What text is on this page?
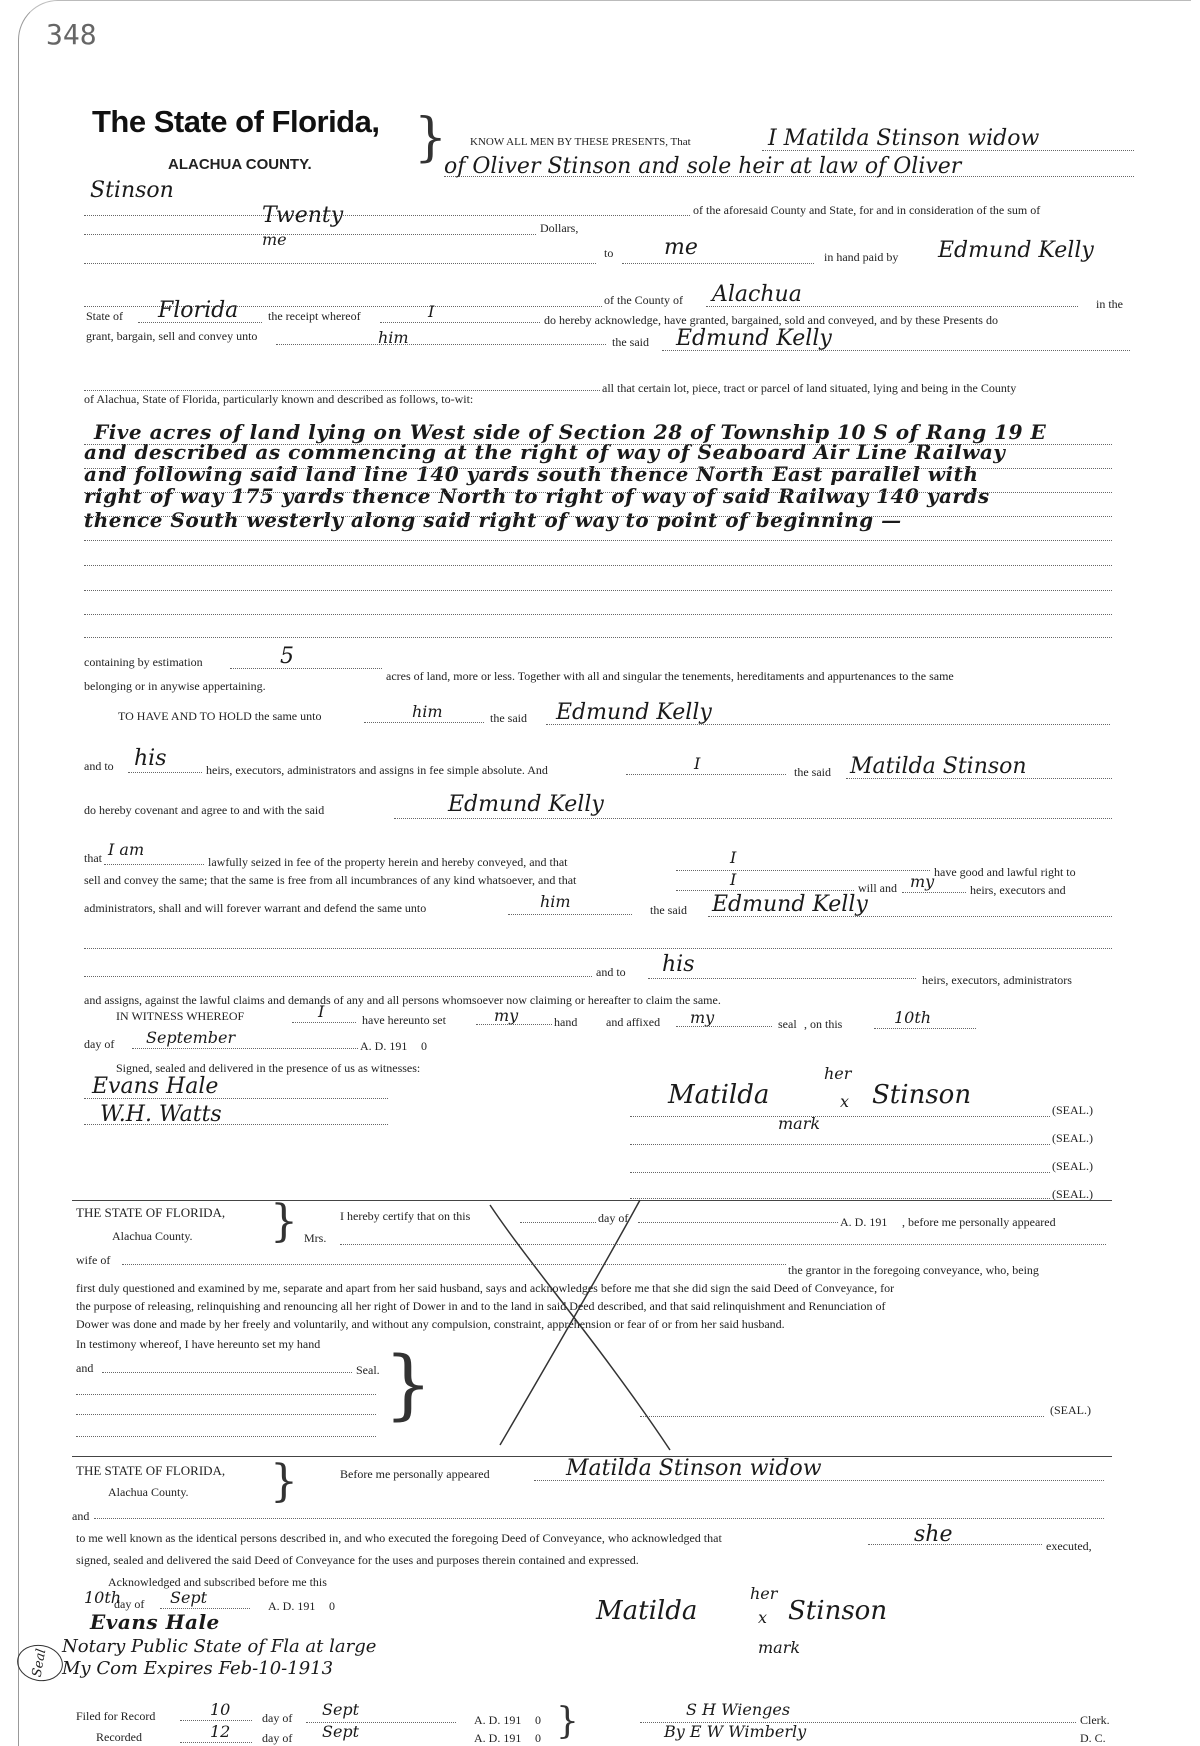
348
The State of Florida,
ALACHUA COUNTY. } KNOW ALL MEN BY THESE PRESENTS, That	I Matilda Stinson widow
of Oliver Stinson and sole heir at law of Oliver
Stinson
of the aforesaid County and State, for and in consideration of the sum of
Twenty	Dollars,
me
to me	in hand paid by Edmund Kelly
of the County of Alachua	in the
State of Florida the receipt whereof	I	do hereby acknowledge, have granted, bargained, sold and conveyed, and by these Presents do
grant, bargain, sell and convey unto	him	the said Edmund Kelly
all that certain lot, piece, tract or parcel of land situated, lying and being in the County
of Alachua, State of Florida, particularly known and described as follows, to-wit:
Five acres of land lying on West side of Section 28 of Township 10 S of Rang 19 E
and described as commencing at the right of way of Seaboard Air Line Railway
and following said land line 140 yards south thence North East parallel with
right of way 175 yards thence North to right of way of said Railway 140 yards
thence South westerly along said right of way to point of beginning —
containing by estimation	5
acres of land, more or less. Together with all and singular the tenements, hereditaments and appurtenances to the same
belonging or in anywise appertaining.
TO HAVE AND TO HOLD the same unto	him	the said Edmund Kelly
and to his	heirs, executors, administrators and assigns in fee simple absolute. And	I	the said Matilda Stinson
do hereby covenant and agree to and with the said	Edmund Kelly
that I am
lawfully seized in fee of the property herein and hereby conveyed, and that	I
have good and lawful right to
sell and convey the same; that the same is free from all incumbrances of any kind whatsoever, and that	I	will and my	heirs, executors and
administrators, shall and will forever warrant and defend the same unto	him	the said Edmund Kelly
and to his
heirs, executors, administrators
and assigns, against the lawful claims and demands of any and all persons whomsoever now claiming or hereafter to claim the same.
IN WITNESS WHEREOF	I	have hereunto set	my	hand and affixed my	seal , on this	10th
day of September	A. D. 191 0
Signed, sealed and delivered in the presence of us as witnesses:
Evans Hale
W.H. Watts
Matilda
her
x Stinson
mark
(SEAL.)
(SEAL.)
(SEAL.)
(SEAL.)
THE STATE OF FLORIDA,
Alachua County. }	I hereby certify that on this	day of	A. D. 191 , before me personally appeared
Mrs.
wife of
the grantor in the foregoing conveyance, who, being
first duly questioned and examined by me, separate and apart from her said husband, says and acknowledges before me that she did sign the said Deed of Conveyance, for
the purpose of releasing, relinquishing and renouncing all her right of Dower in and to the land in said Deed described, and that said relinquishment and Renunciation of
Dower was done and made by her freely and voluntarily, and without any compulsion, constraint, apprehension or fear of or from her said husband.
In testimony whereof, I have hereunto set my hand
and	Seal. }	(SEAL.)
THE STATE OF FLORIDA,
Alachua County. }	Before me personally appeared	Matilda Stinson widow
and
to me well known as the identical persons described in, and who executed the foregoing Deed of Conveyance, who acknowledged that	she	executed,
signed, sealed and delivered the said Deed of Conveyance for the uses and purposes therein contained and expressed.
Acknowledged and subscribed before me this
10th
day of Sept	A. D. 191 0
Evans Hale
Notary Public State of Fla at large
My Com Expires Feb-10-1913
Seal
Matilda
her
x Stinson
mark
Filed for Record	10	day of Sept
A. D. 191 0
Recorded	12	day of Sept	A. D. 191 0 }	S H Wienges
Clerk.
By E W Wimberly	D. C.
